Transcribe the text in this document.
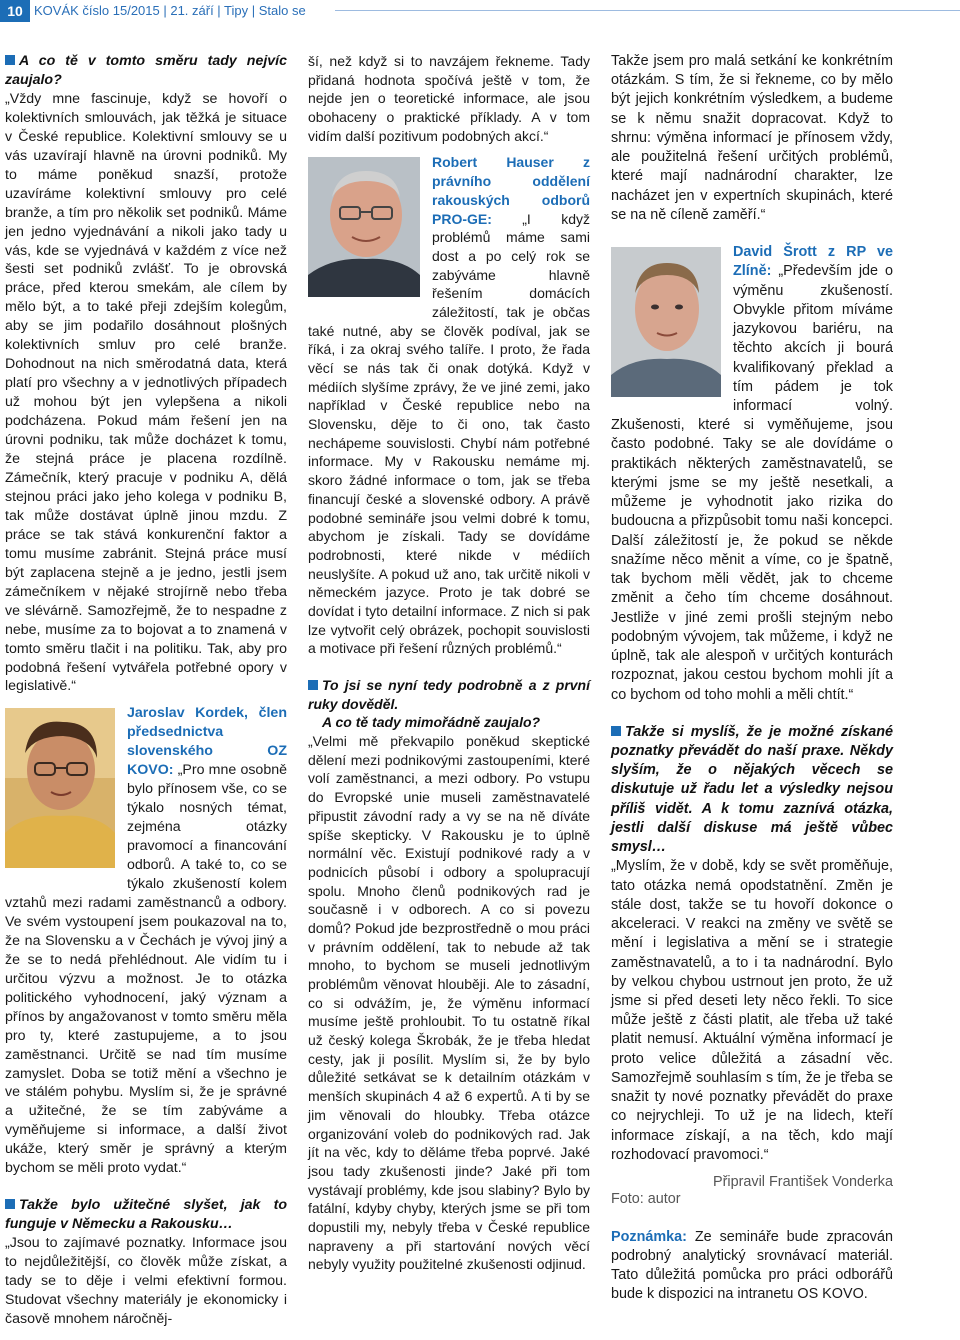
10 KOVÁK číslo 15/2015 | 21. září | Tipy | Stalo se

A co tě v tomto směru tady nejvíc zaujalo?

„Vždy mne fascinuje, když se hovoří o kolektivních smlouvách, jak těžká je situace v České republice. Kolektivní smlouvy se u vás uzavírají hlavně na úrovni podniků. My to máme poněkud snazší, protože uzavíráme kolektivní smlouvy pro celé branže, a tím pro několik set podniků. Máme jen jedno vyjednávání a nikoli jako tady u vás, kde se vyjednává v každém z více než šesti set podniků zvlášť. To je obrovská práce, před kterou smekám, ale cílem by mělo být, a to také přeji zdejším kolegům, aby se jim podařilo dosáhnout plošných kolektivních smluv pro celé branže. Dohodnout na nich směrodatná data, která platí pro všechny a v jednotlivých případech už mohou být jen vylepšena a nikoli podcházena. Pokud mám řešení jen na úrovni podniku, tak může docházet k tomu, že stejná práce je placena rozdílně. Zámečník, který pracuje v podniku A, dělá stejnou práci jako jeho kolega v podniku B, tak může dostávat úplně jinou mzdu. Z práce se tak stává konkurenční faktor a tomu musíme zabránit. Stejná práce musí být zaplacena stejně a je jedno, jestli jsem zámečníkem v nějaké strojírně nebo třeba ve slévárně. Samozřejmě, že to nespadne z nebe, musíme za to bojovat a to znamená v tomto směru tlačit i na politiku. Tak, aby pro podobná řešení vytvářela potřebné opory v legislativě.“

Jaroslav Kordek, člen předsednictva slovenského OZ KOVO: „Pro mne osobně bylo přínosem vše, co se týkalo nosných témat, zejména otázky pravomocí a financování odborů. A také to, co se týkalo zkušeností kolem vztahů mezi radami zaměstnanců a odbory. Ve svém vystoupení jsem poukazoval na to, že na Slovensku a v Čechách je vývoj jiný a že se to nedá přehlédnout. Ale vidím tu i určitou výzvu a možnost. Je to otázka politického vyhodnocení, jaký význam a přínos by angažovanost v tomto směru měla pro ty, které zastupujeme, a to jsou zaměstnanci. Určitě se nad tím musíme zamyslet. Doba se totiž mění a všechno je ve stálém pohybu. Myslím si, že je správné a užitečné, že se tím zabýváme a vyměňujeme si informace, a další život ukáže, který směr je správný a kterým bychom se měli proto vydat.“

Takže bylo užitečné slyšet, jak to funguje v Německu a Rakousku…

„Jsou to zajímavé poznatky. Informace jsou to nejdůležitější, co člověk může získat, a tady se to děje i velmi efektivní formou. Studovat všechny materiály je ekonomicky i časově mnohem náročněj-

ší, než když si to navzájem řekneme. Tady přidaná hodnota spočívá ještě v tom, že nejde jen o teoretické informace, ale jsou obohaceny o praktické příklady. A v tom vidím další pozitivum podobných akcí.“

Robert Hauser z právního oddělení rakouských odborů PRO-GE: „I když problémů máme sami dost a po celý rok se zabýváme hlavně řešením domácích záležitostí, tak je občas také nutné, aby se člověk podíval, jak se říká, i za okraj svého talíře. I proto, že řada věcí se nás tak či onak dotýká. Když v médiích slyšíme zprávy, že ve jiné zemi, jako například v České republice nebo na Slovensku, děje to či ono, tak často nechápeme souvislosti. Chybí nám potřebné informace. My v Rakousku nemáme mj. skoro žádné informace o tom, jak se třeba financují české a slovenské odbory. A právě podobné semináře jsou velmi dobré k tomu, abychom je získali. Tady se dovídáme podrobnosti, které nikde v médiích neuslyšíte. A pokud už ano, tak určitě nikoli v německém jazyce. Proto je tak dobré se dovídat i tyto detailní informace. Z nich si pak lze vytvořit celý obrázek, pochopit souvislosti a motivace při řešení různých problémů.“

To jsi se nyní tedy podrobně a z první ruky dověděl.
A co tě tady mimořádně zaujalo?

„Velmi mě překvapilo poněkud skeptické dělení mezi podnikovými zastoupeními, které volí zaměstnanci, a mezi odbory. Po vstupu do Evropské unie museli zaměstnavatelé připustit závodní rady a vy se na ně díváte spíše skepticky. V Rakousku je to úplně normální věc. Existují podnikové rady a v podnicích působí i odbory a spolupracují spolu. Mnoho členů podnikových rad je současně i v odborech. A co si povezu domů? Pokud jde bezprostředně o mou práci v právním oddělení, tak to nebude až tak mnoho, to bychom se museli jednotlivým problémům věnovat hlouběji. Ale to zásadní, co si odvážím, je, že výměnu informací musíme ještě prohloubit. To tu ostatně říkal už český kolega Škrobák, že je třeba hledat cesty, jak ji posílit. Myslím si, že by bylo důležité setkávat se k detailním otázkám v menších skupinách 4 až 6 expertů. A ti by se jim věnovali do hloubky. Třeba otázce organizování voleb do podnikových rad. Jak jít na věc, kdy to děláme třeba poprvé. Jaké jsou tady zkušenosti jinde? Jaké při tom vystávají problémy, kde jsou slabiny? Bylo by fatální, kdyby chyby, kterých jsme se při tom dopustili my, nebyly třeba v České republice napraveny a při startování nových věcí nebyly využity použitelné zkušenosti odjinud.

Takže jsem pro malá setkání ke konkrétním otázkám. S tím, že si řekneme, co by mělo být jejich konkrétním výsledkem, a budeme se k němu snažit dopracovat. Když to shrnu: výměna informací je přínosem vždy, ale použitelná řešení určitých problémů, které mají nadnárodní charakter, lze nacházet jen v expertních skupinách, které se na ně cíleně zaměří.“

David Šrott z RP ve Zlíně: „Především jde o výměnu zkušeností. Obvykle přitom míváme jazykovou bariéru, na těchto akcích ji bourá kvalifikovaný překlad a tím pádem je tok informací volný. Zkušenosti, které si vyměňujeme, jsou často podobné. Taky se ale dovídáme o praktikách některých zaměstnavatelů, se kterými jsme se my ještě nesetkali, a můžeme je vyhodnotit jako rizika do budoucna a přizpůsobit tomu naši koncepci. Další záležitostí je, že pokud se někde snažíme něco měnit a víme, co je špatně, tak bychom měli vědět, jak to chceme změnit a čeho tím chceme dosáhnout. Jestliže v jiné zemi prošli stejným nebo podobným vývojem, tak můžeme, i když ne úplně, tak ale alespoň v určitých konturách rozpoznat, jakou cestou bychom mohli jít a co bychom od toho mohli a měli chtít.“

Takže si myslíš, že je možné získané poznatky převádět do naší praxe. Někdy slyším, že o nějakých věcech se diskutuje už řadu let a výsledky nejsou příliš vidět. A k tomu zaznívá otázka, jestli další diskuse má ještě vůbec smysl…

„Myslím, že v době, kdy se svět proměňuje, tato otázka nemá opodstatnění. Změn je stále dost, takže se tu hovoří dokonce o akceleraci. V reakci na změny ve světě se mění i legislativa a mění se i strategie zaměstnavatelů, a to i ta nadnárodní. Bylo by velkou chybou ustrnout jen proto, že už jsme si před deseti lety něco řekli. To sice může ještě z části platit, ale třeba už také platit nemusí. Aktuální výměna informací je proto velice důležitá a zásadní věc. Samozřejmě souhlasím s tím, že je třeba se snažit ty nové poznatky převádět do praxe co nejrychleji. To už je na lidech, kteří informace získají, a na těch, kdo mají rozhodovací pravomoci.“

Připravil František Vonderka

Foto: autor

Poznámka: Ze semináře bude zpracován podrobný analytický srovnávací materiál. Tato důležitá pomůcka pro práci odborářů bude k dispozici na intranetu OS KOVO.
